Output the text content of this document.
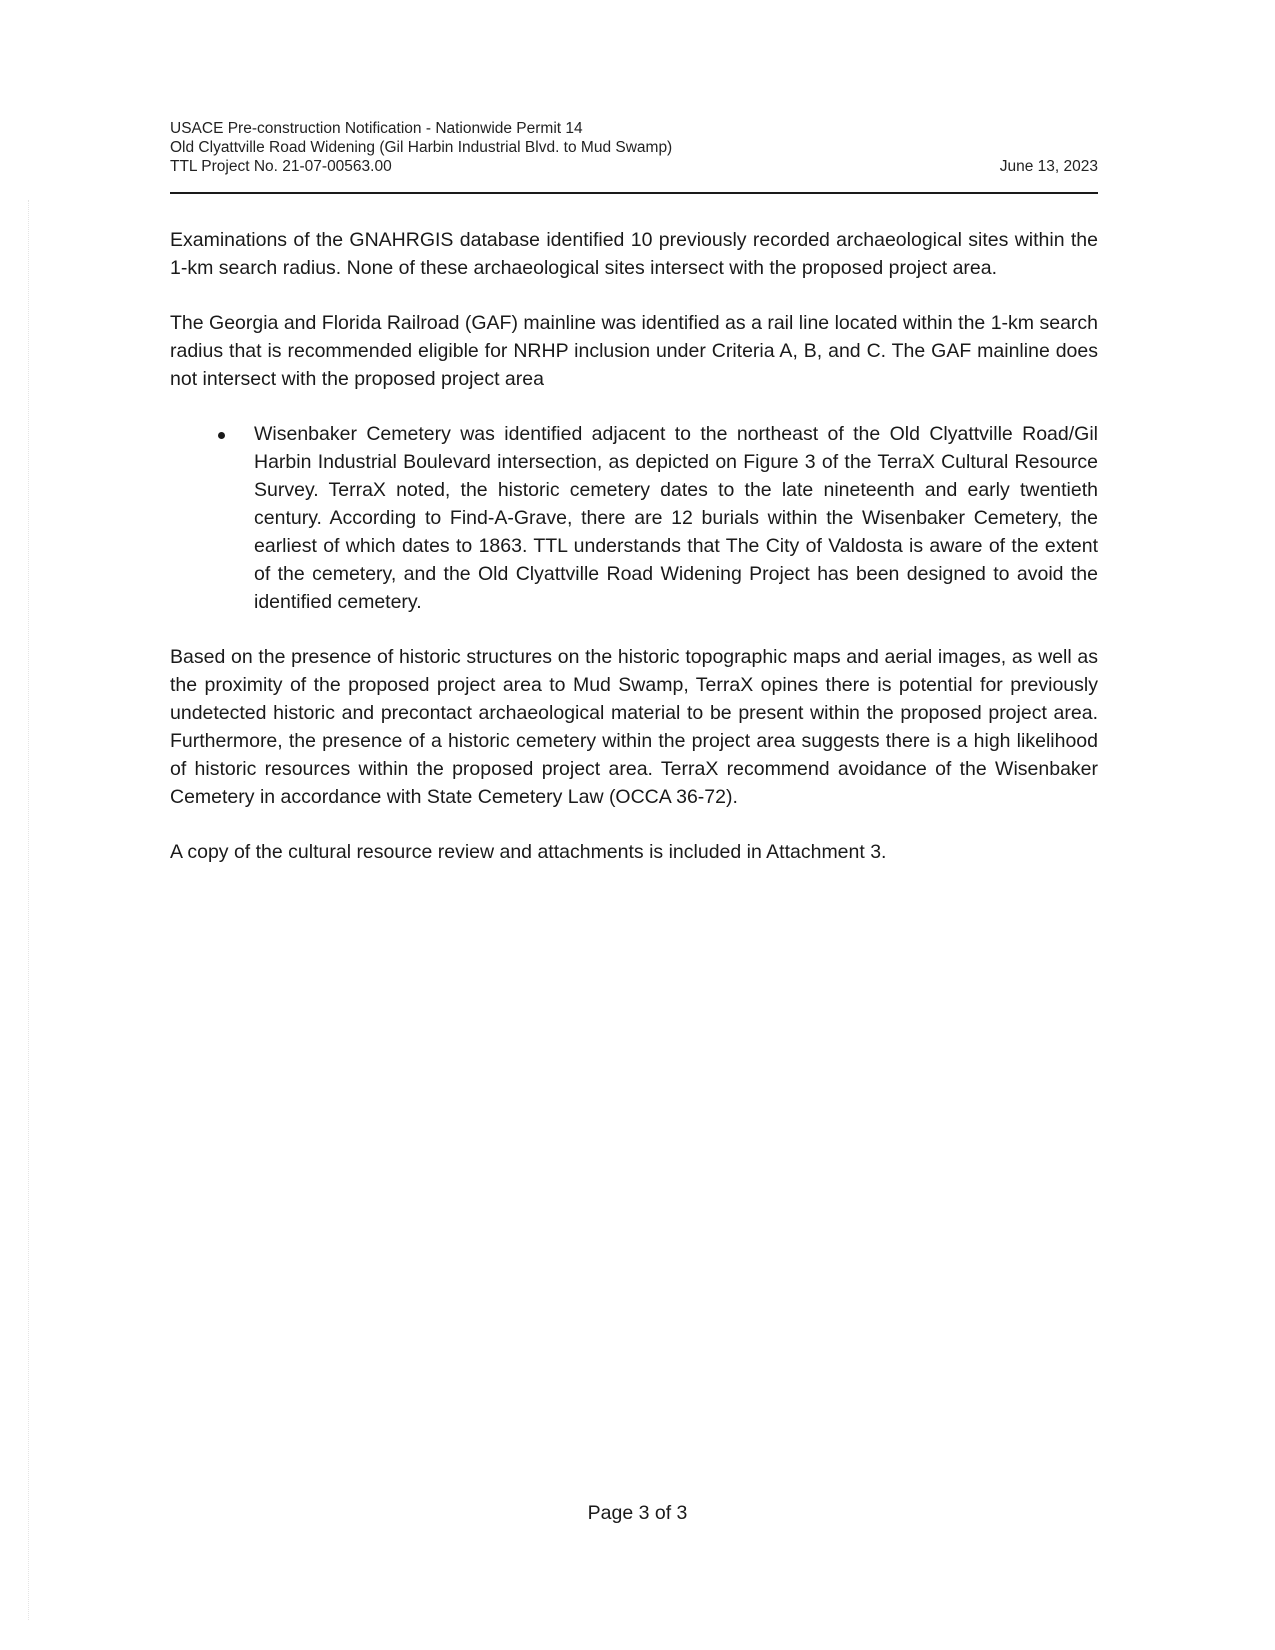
USACE Pre-construction Notification - Nationwide Permit 14
Old Clyattville Road Widening (Gil Harbin Industrial Blvd. to Mud Swamp)
TTL Project No. 21-07-00563.00	June 13, 2023

Examinations of the GNAHRGIS database identified 10 previously recorded archaeological sites within the 1-km search radius. None of these archaeological sites intersect with the proposed project area.

The Georgia and Florida Railroad (GAF) mainline was identified as a rail line located within the 1-km search radius that is recommended eligible for NRHP inclusion under Criteria A, B, and C. The GAF mainline does not intersect with the proposed project area

Wisenbaker Cemetery was identified adjacent to the northeast of the Old Clyattville Road/Gil Harbin Industrial Boulevard intersection, as depicted on Figure 3 of the TerraX Cultural Resource Survey. TerraX noted, the historic cemetery dates to the late nineteenth and early twentieth century. According to Find-A-Grave, there are 12 burials within the Wisenbaker Cemetery, the earliest of which dates to 1863. TTL understands that The City of Valdosta is aware of the extent of the cemetery, and the Old Clyattville Road Widening Project has been designed to avoid the identified cemetery.

Based on the presence of historic structures on the historic topographic maps and aerial images, as well as the proximity of the proposed project area to Mud Swamp, TerraX opines there is potential for previously undetected historic and precontact archaeological material to be present within the proposed project area. Furthermore, the presence of a historic cemetery within the project area suggests there is a high likelihood of historic resources within the proposed project area. TerraX recommend avoidance of the Wisenbaker Cemetery in accordance with State Cemetery Law (OCCA 36-72).

A copy of the cultural resource review and attachments is included in Attachment 3.

Page 3 of 3
